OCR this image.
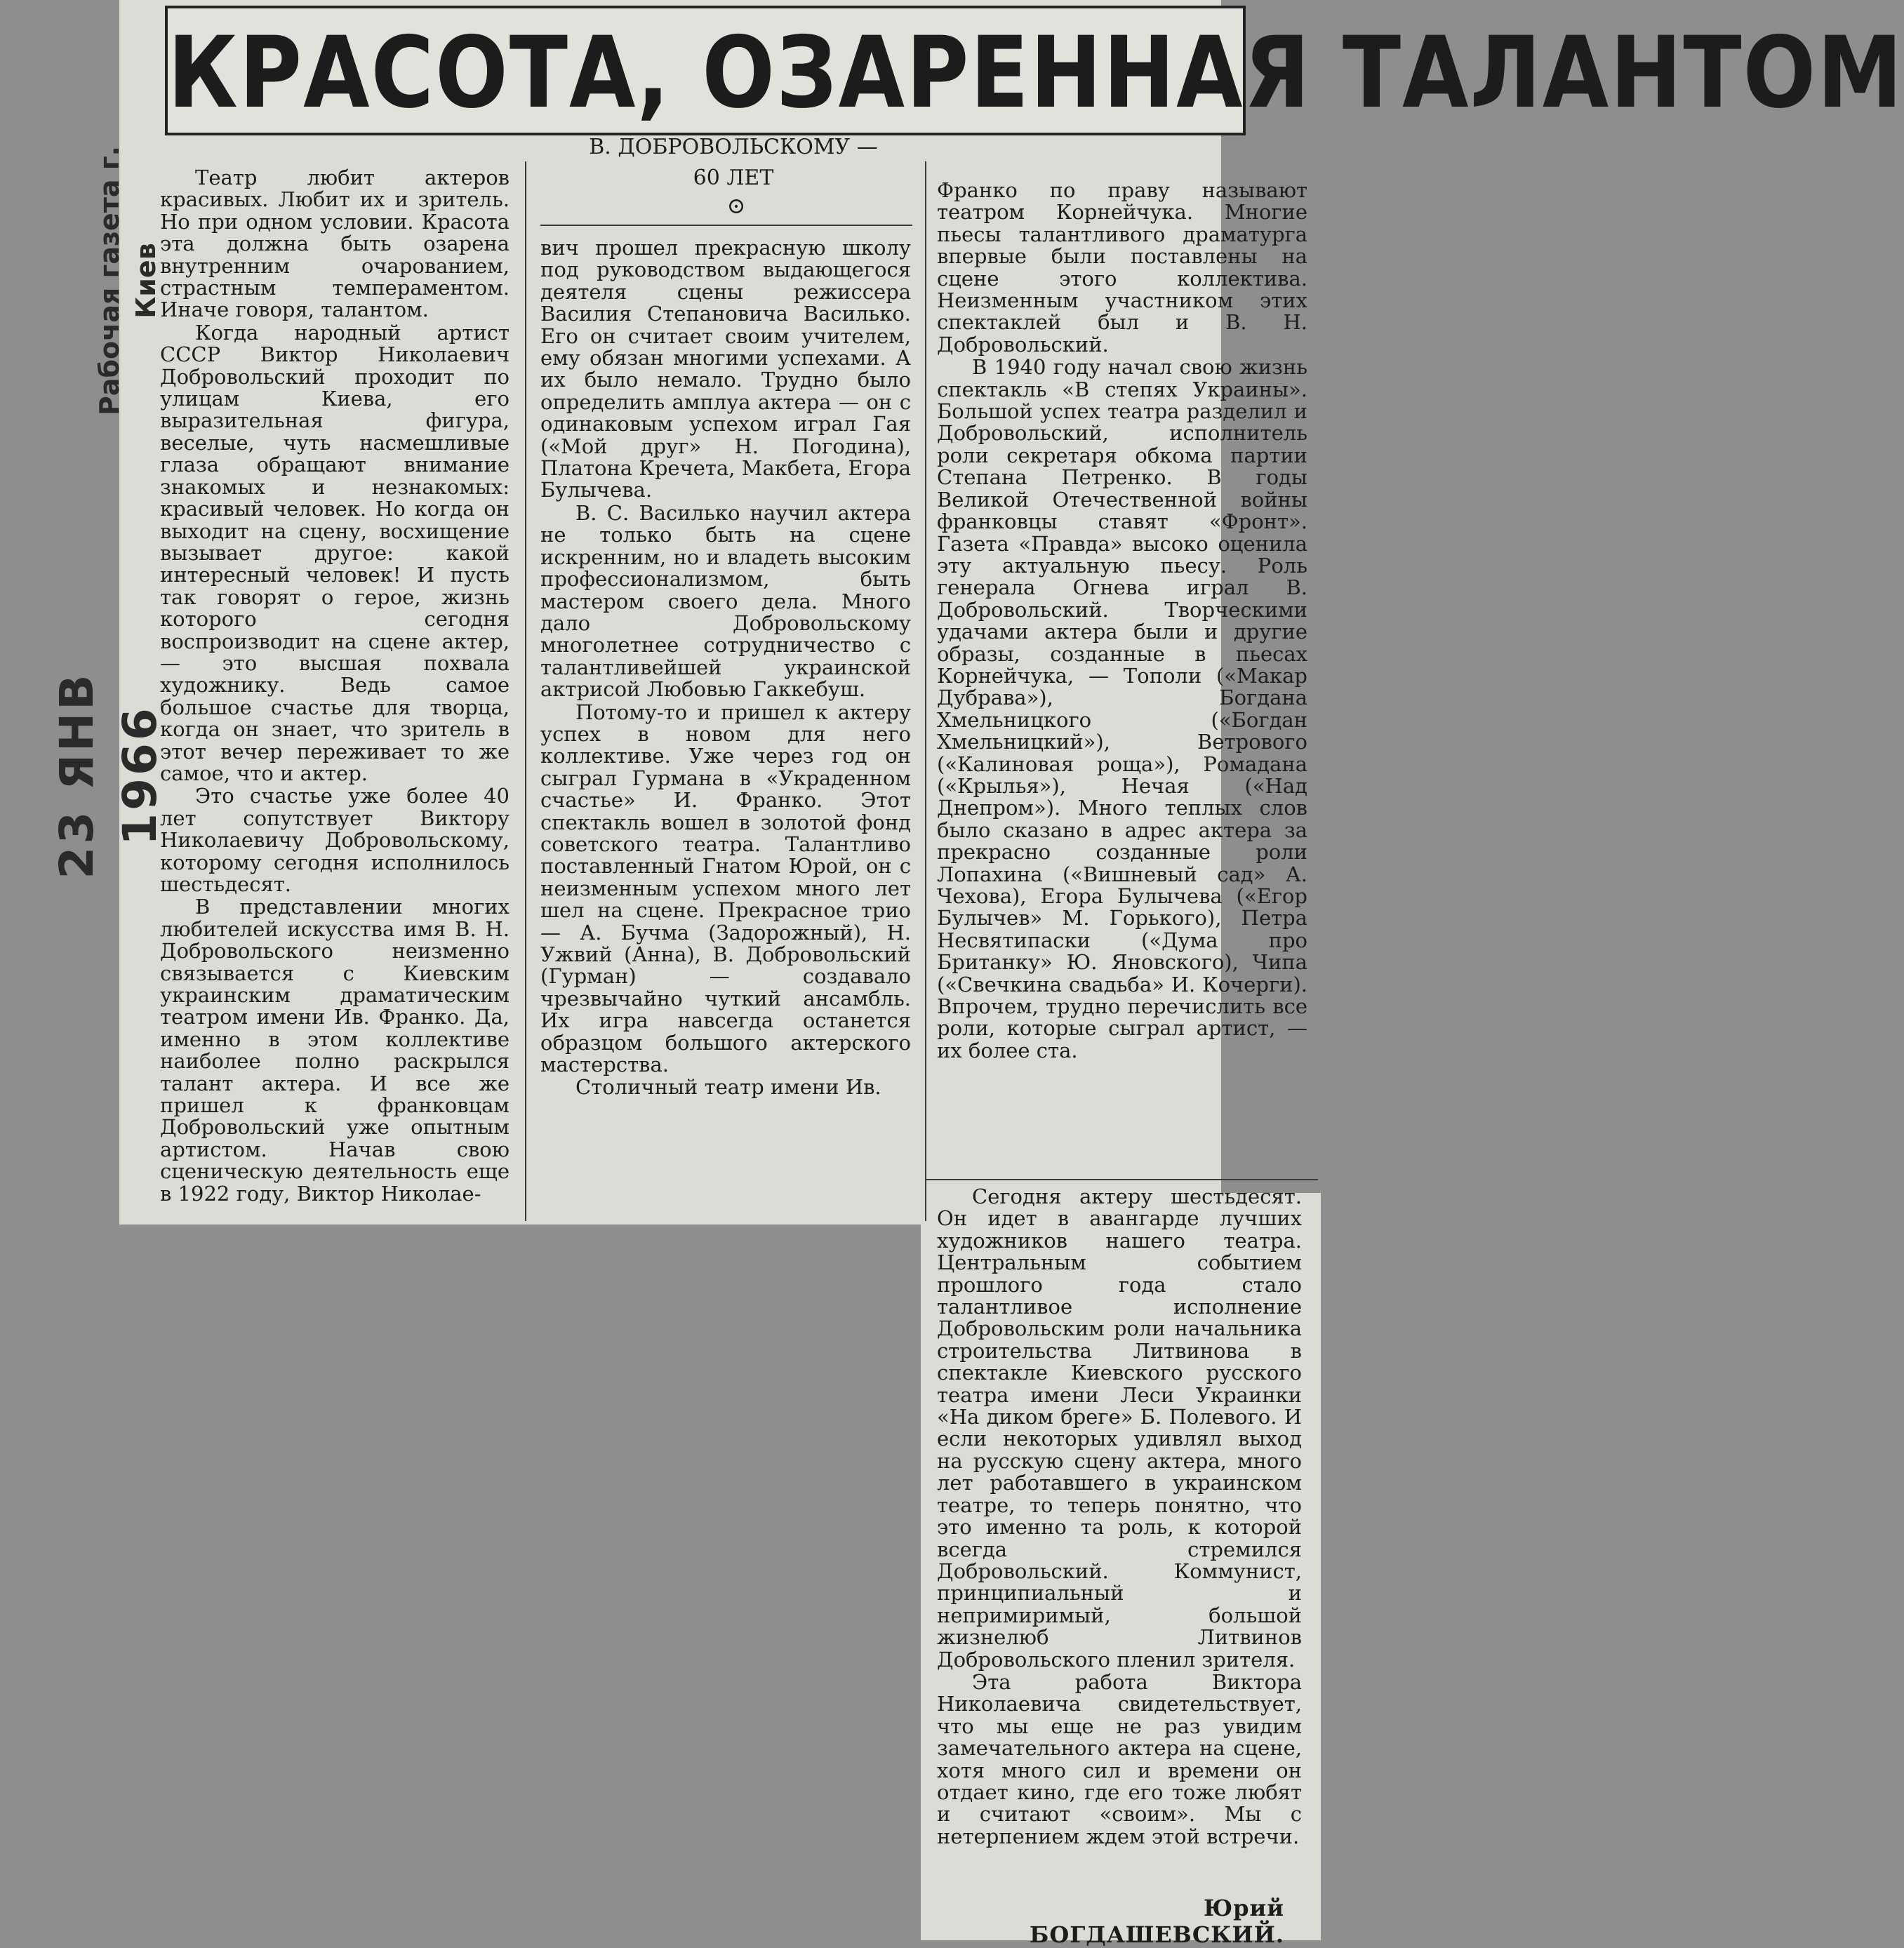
Рабочая газета г. Киев
23 ЯНВ 1966
КРАСОТА, ОЗАРЕННАЯ ТАЛАНТОМ
В. ДОБРОВОЛЬСКОМУ —
60 ЛЕТ
⊙

Театр любит актеров красивых. Любит их и зритель. Но при одном условии. Красота эта должна быть озарена внутренним очарованием, страстным темпераментом. Иначе говоря, талантом.

Когда народный артист СССР Виктор Николаевич Добровольский проходит по улицам Киева, его выразительная фигура, веселые, чуть насмешливые глаза обращают внимание знакомых и незнакомых: красивый человек. Но когда он выходит на сцену, восхищение вызывает другое: какой интересный человек! И пусть так говорят о герое, жизнь которого сегодня воспроизводит на сцене актер, — это высшая похвала художнику. Ведь самое большое счастье для творца, когда он знает, что зритель в этот вечер переживает то же самое, что и актер.

Это счастье уже более 40 лет сопутствует Виктору Николаевичу Добровольскому, которому сегодня исполнилось шестьдесят.

В представлении многих любителей искусства имя В. Н. Добровольского неизменно связывается с Киевским украинским драматическим театром имени Ив. Франко. Да, именно в этом коллективе наиболее полно раскрылся талант актера. И все же пришел к франковцам Добровольский уже опытным артистом. Начав свою сценическую деятельность еще в 1922 году, Виктор Николае-

вич прошел прекрасную школу под руководством выдающегося деятеля сцены режиссера Василия Степановича Василько. Его он считает своим учителем, ему обязан многими успехами. А их было немало. Трудно было определить амплуа актера — он с одинаковым успехом играл Гая («Мой друг» Н. Погодина), Платона Кречета, Макбета, Егора Булычева.

В. С. Василько научил актера не только быть на сцене искренним, но и владеть высоким профессионализмом, быть мастером своего дела. Много дало Добровольскому многолетнее сотрудничество с талантливейшей украинской актрисой Любовью Гаккебуш.

Потому-то и пришел к актеру успех в новом для него коллективе. Уже через год он сыграл Гурмана в «Украденном счастье» И. Франко. Этот спектакль вошел в золотой фонд советского театра. Талантливо поставленный Гнатом Юрой, он с неизменным успехом много лет шел на сцене. Прекрасное трио — А. Бучма (Задорожный), Н. Ужвий (Анна), В. Добровольский (Гурман) — создавало чрезвычайно чуткий ансамбль. Их игра навсегда останется образцом большого актерского мастерства.

Столичный театр имени Ив.

Франко по праву называют театром Корнейчука. Многие пьесы талантливого драматурга впервые были поставлены на сцене этого коллектива. Неизменным участником этих спектаклей был и В. Н. Добровольский.

В 1940 году начал свою жизнь спектакль «В степях Украины». Большой успех театра разделил и Добровольский, исполнитель роли секретаря обкома партии Степана Петренко. В годы Великой Отечественной войны франковцы ставят «Фронт». Газета «Правда» высоко оценила эту актуальную пьесу. Роль генерала Огнева играл В. Добровольский. Творческими удачами актера были и другие образы, созданные в пьесах Корнейчука, — Тополи («Макар Дубрава»), Богдана Хмельницкого («Богдан Хмельницкий»), Ветрового («Калиновая роща»), Ромадана («Крылья»), Нечая («Над Днепром»). Много теплых слов было сказано в адрес актера за прекрасно созданные роли Лопахина («Вишневый сад» А. Чехова), Егора Булычева («Егор Булычев» М. Горького), Петра Несвятипаски («Дума про Британку» Ю. Яновского), Чипа («Свечкина свадьба» И. Кочерги). Впрочем, трудно перечислить все роли, которые сыграл артист, — их более ста.

Сегодня актеру шестьдесят. Он идет в авангарде лучших художников нашего театра. Центральным событием прошлого года стало талантливое исполнение Добровольским роли начальника строительства Литвинова в спектакле Киевского русского театра имени Леси Украинки «На диком бреге» Б. Полевого. И если некоторых удивлял выход на русскую сцену актера, много лет работавшего в украинском театре, то теперь понятно, что это именно та роль, к которой всегда стремился Добровольский. Коммунист, принципиальный и непримиримый, большой жизнелюб Литвинов Добровольского пленил зрителя.

Эта работа Виктора Николаевича свидетельствует, что мы еще не раз увидим замечательного актера на сцене, хотя много сил и времени он отдает кино, где его тоже любят и считают «своим». Мы с нетерпением ждем этой встречи.

Юрий БОГДАШЕВСКИЙ.
